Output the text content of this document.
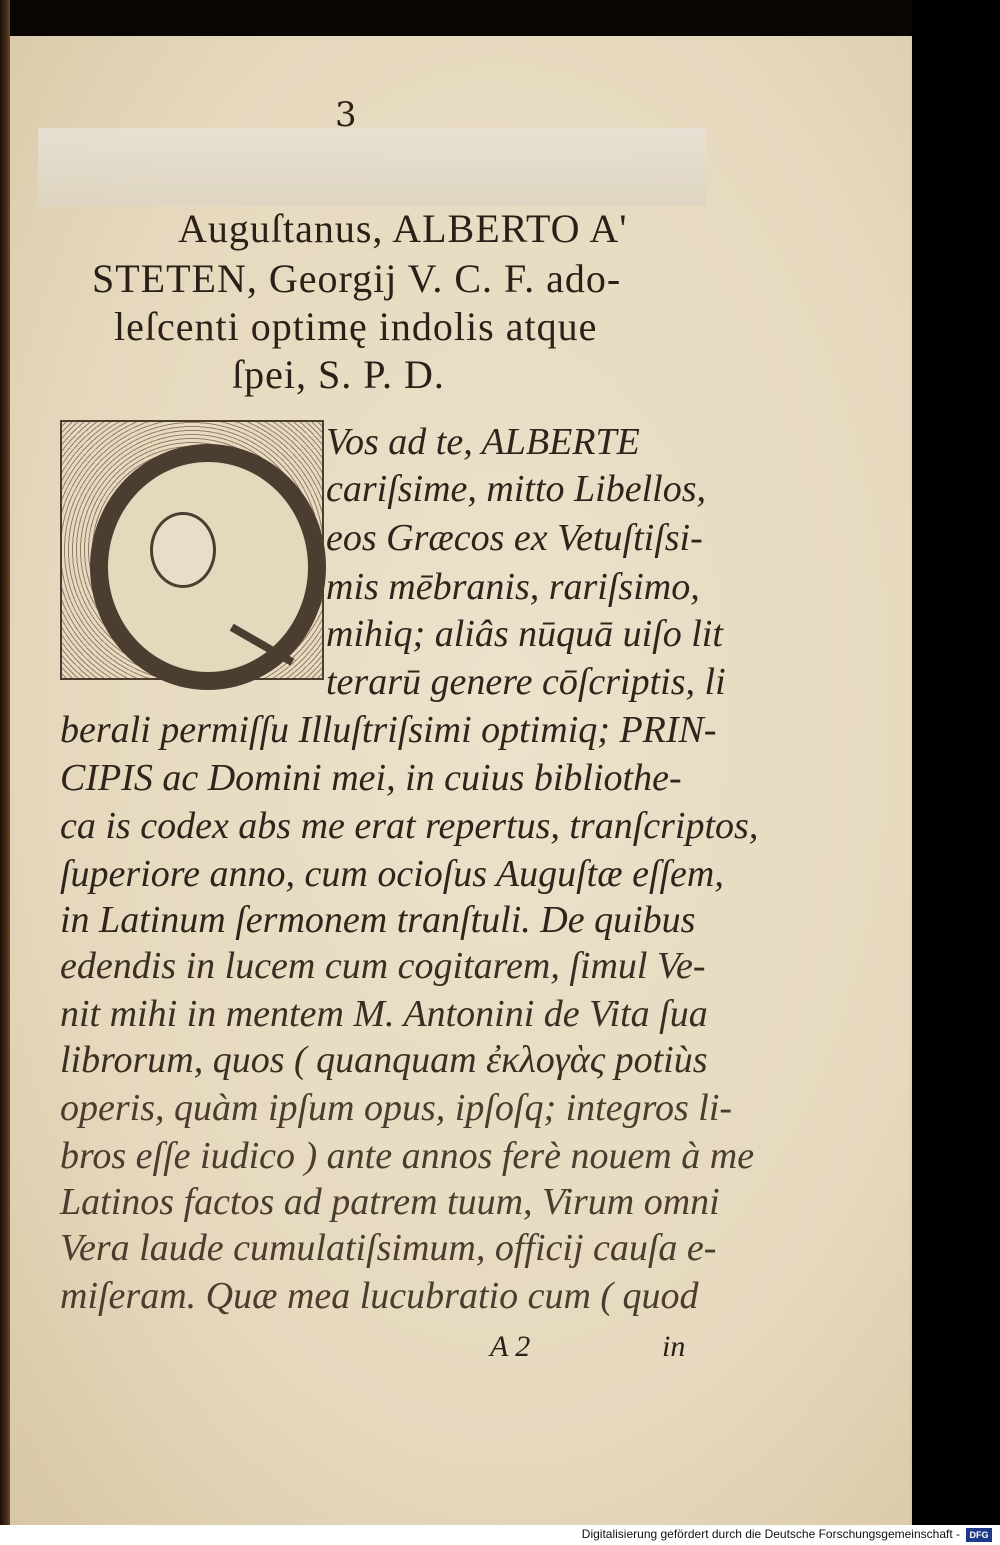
3
Auguſtanus, ALBERTO A'
STETEN, Georgij V. C. F. ado-
leſcenti optimę indolis atque
ſpei, S. P. D.
Vos ad te, ALBERTE
cariſsime, mitto Libellos,
eos Græcos ex Vetuſtiſsi-
mis mēbranis, rariſsimo,
mihiq; aliâs nūquā uiſo lit
terarū genere cōſcriptis, li
berali permiſſu Illuſtriſsimi optimiq; PRIN-
CIPIS ac Domini mei, in cuius bibliothe-
ca is codex abs me erat repertus, tranſcriptos,
ſuperiore anno, cum ocioſus Auguſtæ eſſem,
in Latinum ſermonem tranſtuli. De quibus
edendis in lucem cum cogitarem, ſimul Ve-
nit mihi in mentem M. Antonini de Vita ſua
librorum, quos ( quanquam ἐκλογὰς potiùs
operis, quàm ipſum opus, ipſoſq; integros li-
bros eſſe iudico ) ante annos ferè nouem à me
Latinos factos ad patrem tuum, Virum omni
Vera laude cumulatiſsimum, officij cauſa e-
miſeram. Quæ mea lucubratio cum ( quod
A 2	in
Digitalisierung gefördert durch die Deutsche Forschungsgemeinschaft -	DFG
